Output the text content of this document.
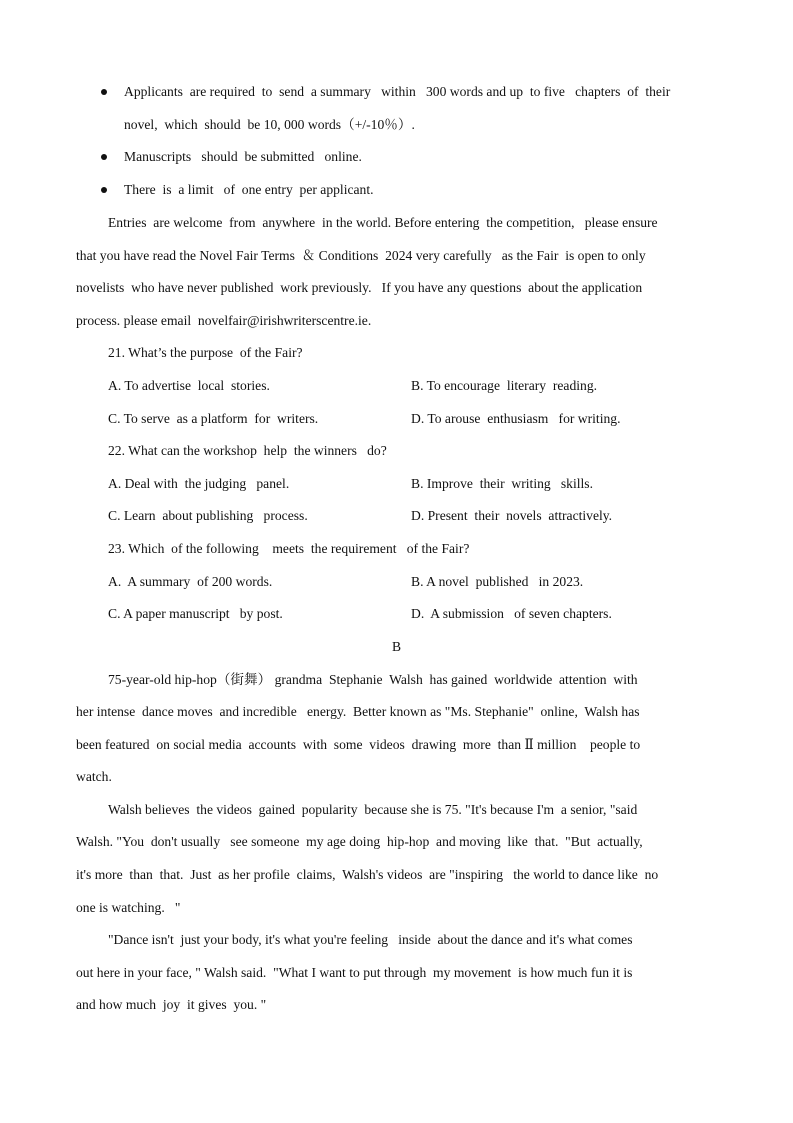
Applicants  are required  to  send  a summary   within   300 words and up  to five   chapters  of  their
novel,  which  should  be 10, 000 words（+/-10％）.
Manuscripts   should  be submitted   online.
There  is  a limit   of  one entry  per applicant.
Entries  are welcome  from  anywhere  in the world. Before entering  the competition,   please ensure
that you have read the Novel Fair Terms  ＆ Conditions  2024 very carefully   as the Fair  is open to only
novelists  who have never published  work previously.   If you have any questions  about the application
process. please email  novelfair@irishwriterscentre.ie.
21. What’s the purpose  of the Fair?
A. To advertise  local  stories.	B. To encourage  literary  reading.
C. To serve  as a platform  for  writers.	D. To arouse  enthusiasm   for writing.
22. What can the workshop  help  the winners   do?
A. Deal with  the judging   panel.	B. Improve  their  writing   skills.
C. Learn  about publishing   process.	D. Present  their  novels  attractively.
23. Which  of the following    meets  the requirement   of the Fair?
A.  A summary  of 200 words.	B. A novel  published   in 2023.
C. A paper manuscript   by post.	D.  A submission   of seven chapters.
B
75-year-old hip-hop（街舞） grandma  Stephanie  Walsh  has gained  worldwide  attention  with
her intense  dance moves  and incredible   energy.  Better known as "Ms. Stephanie"  online,  Walsh has
been featured  on social media  accounts  with  some  videos  drawing  more  than Ⅱ million    people to
watch.
Walsh believes  the videos  gained  popularity  because she is 75. "It's because I'm  a senior, "said
Walsh. "You  don't usually   see someone  my age doing  hip-hop  and moving  like  that.  "But  actually,
it's more  than  that.  Just  as her profile  claims,  Walsh's videos  are "inspiring   the world to dance like  no
one is watching.   "
"Dance isn't  just your body, it's what you're feeling   inside  about the dance and it's what comes
out here in your face, " Walsh said.  "What I want to put through  my movement  is how much fun it is
and how much  joy  it gives  you. "
